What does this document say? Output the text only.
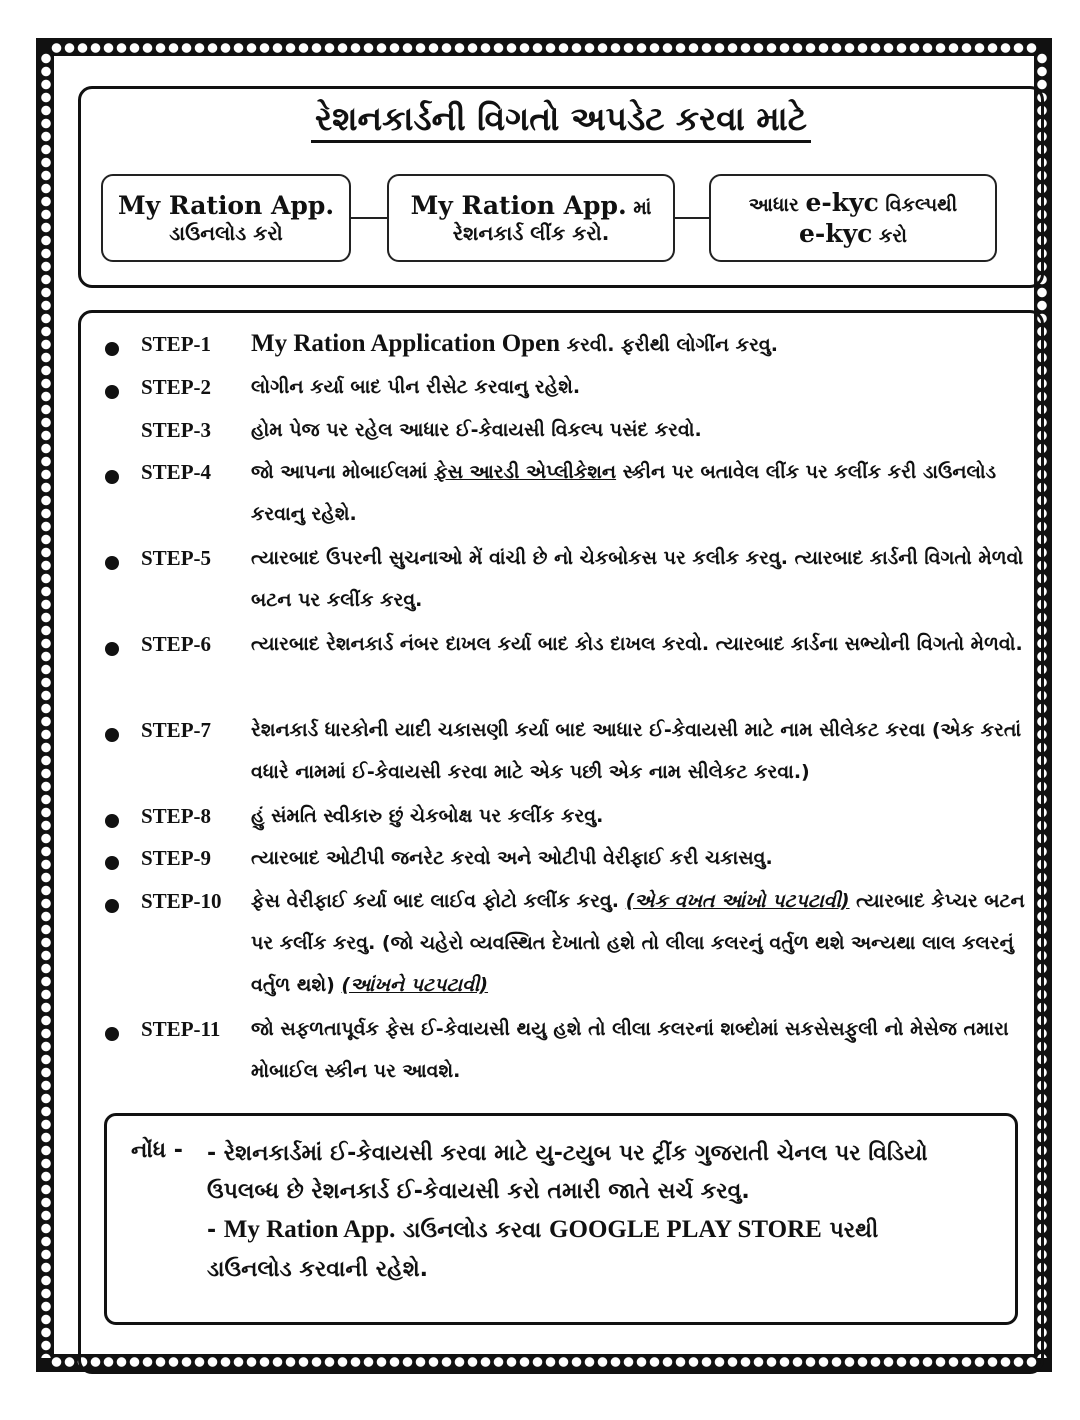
રેશનકાર્ડની વિગતો અપડેટ કરવા માટે
My Ration App.
ડાઉનલોડ કરો
My Ration App. માં
રેશનકાર્ડ લીંક કરો.
આધાર e-kyc વિકલ્પથી
e-kyc કરો
STEP-1 My Ration Application Open કરવી. ફરીથી લોગીંન કરવુ.
STEP-2 લોગીન કર્યા બાદ પીન રીસેટ કરવાનુ રહેશે.
STEP-3 હોમ પેજ પર રહેલ આધાર ઈ-કેવાયસી વિકલ્પ પસંદ કરવો.
STEP-4 જો આપના મોબાઈલમાં ફેસ આરડી એપ્લીકેશન સ્કીન પર બતાવેલ લીંક પર કલીંક કરી ડાઉનલોડ કરવાનુ રહેશે.
STEP-5 ત્યારબાદ ઉપરની સુચનાઓ મેં વાંચી છે નો ચેકબોકસ પર કલીક કરવુ. ત્યારબાદ કાર્ડની વિગતો મેળવો બટન પર કલીંક કરવુ.
STEP-6 ત્યારબાદ રેશનકાર્ડ નંબર દાખલ કર્યા બાદ કોડ દાખલ કરવો. ત્યારબાદ કાર્ડના સભ્યોની વિગતો મેળવો.
STEP-7 રેશનકાર્ડ ધારકોની યાદી ચકાસણી કર્યા બાદ આધાર ઈ-કેવાયસી માટે નામ સીલેકટ કરવા (એક કરતાં વધારે નામમાં ઈ-કેવાયસી કરવા માટે એક પછી એક નામ સીલેકટ કરવા.)
STEP-8 હું સંમતિ સ્વીકારુ છું ચેકબોક્ષ પર કલીંક કરવુ.
STEP-9 ત્યારબાદ ઓટીપી જનરેટ કરવો અને ઓટીપી વેરીફાઈ કરી ચકાસવુ.
STEP-10 ફેસ વેરીફાઈ કર્યા બાદ લાઈવ ફોટો કલીંક કરવુ. (એક વખત આંખો પટપટાવી) ત્યારબાદ કેપ્ચર બટન પર કલીંક કરવુ. (જો ચહેરો વ્યવસ્થિત દેખાતો હશે તો લીલા કલરનું વર્તુળ થશે અન્યથા લાલ કલરનું વર્તુળ થશે) (આંખને પટપટાવી)
STEP-11 જો સફળતાપૂર્વક ફેસ ઈ-કેવાયસી થયુ હશે તો લીલા કલરનાં શબ્દોમાં સકસેસફુલી નો મેસેજ તમારા મોબાઈલ સ્કીન પર આવશે.
નોંધ - - રેશનકાર્ડમાં ઈ-કેવાયસી કરવા માટે યુ-ટયુબ પર ટ્રીંક ગુજરાતી ચેનલ પર વિડિયો
ઉપલબ્ધ છે રેશનકાર્ડ ઈ-કેવાયસી કરો તમારી જાતે સર્ચ કરવુ.
- My Ration App. ડાઉનલોડ કરવા GOOGLE PLAY STORE પરથી
ડાઉનલોડ કરવાની રહેશે.
